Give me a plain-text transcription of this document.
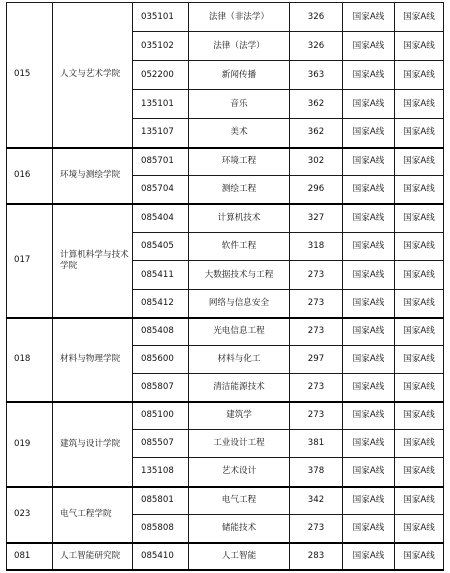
015	人文与艺术学院	035101	法律（非法学）	326	国家A线	国家A线
		035102	法律（法学）	326	国家A线	国家A线
		052200	新闻传播	363	国家A线	国家A线
		135101	音乐	362	国家A线	国家A线
		135107	美术	362	国家A线	国家A线
016	环境与测绘学院	085701	环境工程	302	国家A线	国家A线
		085704	测绘工程	296	国家A线	国家A线
017	计算机科学与技术学院	085404	计算机技术	327	国家A线	国家A线
		085405	软件工程	318	国家A线	国家A线
		085411	大数据技术与工程	273	国家A线	国家A线
		085412	网络与信息安全	273	国家A线	国家A线
018	材料与物理学院	085408	光电信息工程	273	国家A线	国家A线
		085600	材料与化工	297	国家A线	国家A线
		085807	清洁能源技术	273	国家A线	国家A线
019	建筑与设计学院	085100	建筑学	273	国家A线	国家A线
		085507	工业设计工程	381	国家A线	国家A线
		135108	艺术设计	378	国家A线	国家A线
023	电气工程学院	085801	电气工程	342	国家A线	国家A线
		085808	储能技术	273	国家A线	国家A线
081	人工智能研究院	085410	人工智能	283	国家A线	国家A线
